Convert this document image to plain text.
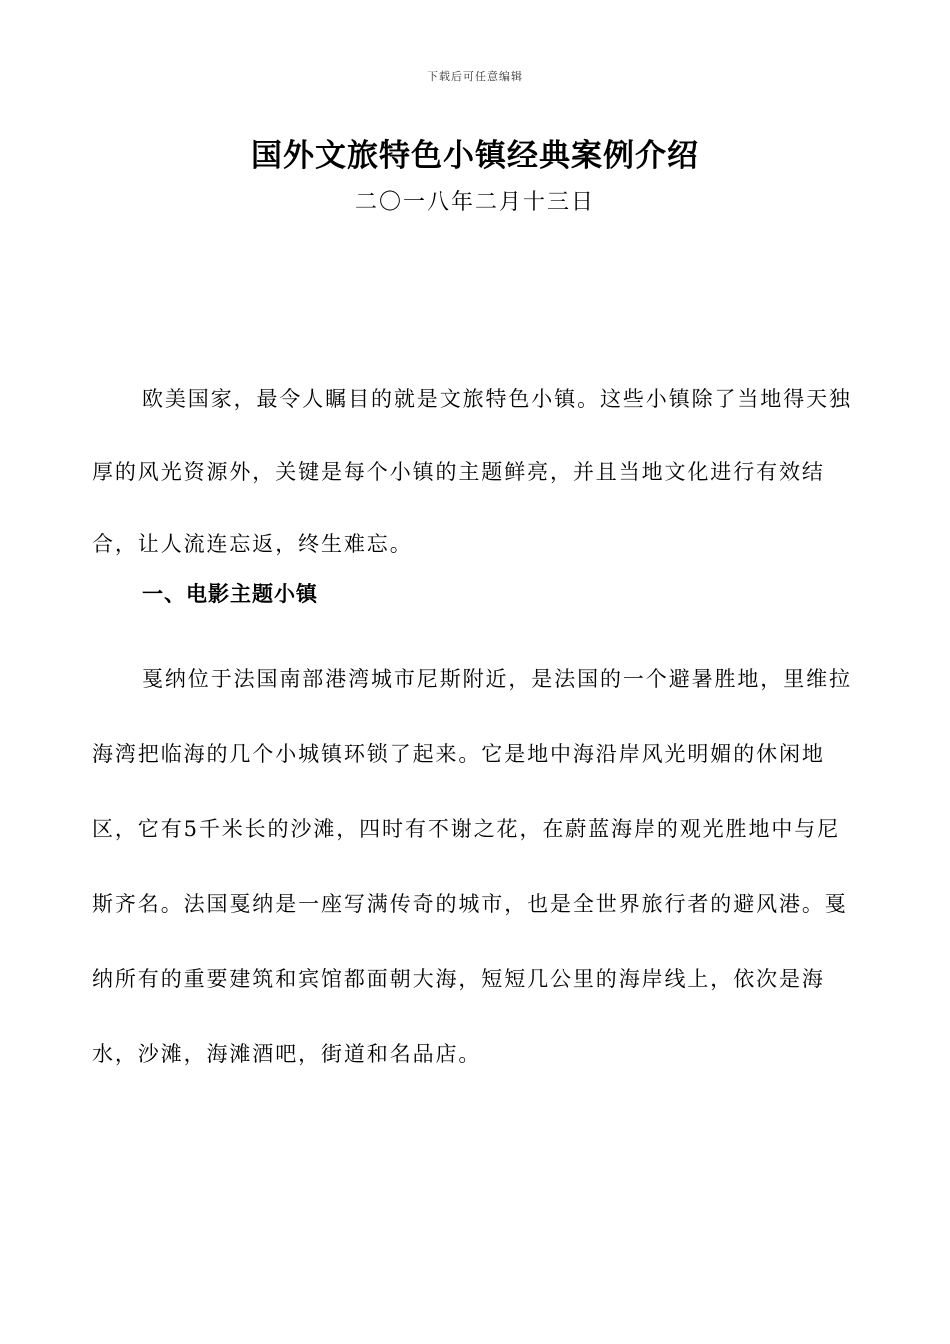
下载后可任意编辑
国外文旅特色小镇经典案例介绍
二〇一八年二月十三日

欧美国家，最令人瞩目的就是文旅特色小镇。这些小镇除了当地得天独厚的风光资源外，关键是每个小镇的主题鲜亮，并且当地文化进行有效结合，让人流连忘返，终生难忘。

一、电影主题小镇

戛纳位于法国南部港湾城市尼斯附近，是法国的一个避暑胜地，里维拉海湾把临海的几个小城镇环锁了起来。它是地中海沿岸风光明媚的休闲地区，它有5千米长的沙滩，四时有不谢之花，在蔚蓝海岸的观光胜地中与尼斯齐名。法国戛纳是一座写满传奇的城市，也是全世界旅行者的避风港。戛纳所有的重要建筑和宾馆都面朝大海，短短几公里的海岸线上，依次是海水，沙滩，海滩酒吧，街道和名品店。
